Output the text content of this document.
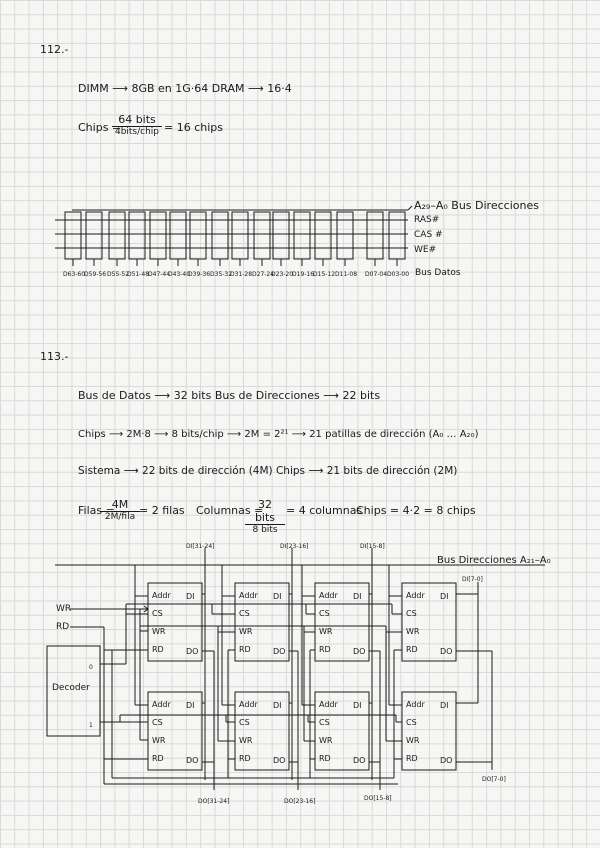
112.-
DIMM ⟶ 8GB en 1G·64 DRAM ⟶ 16·4
Chips =
64 bits
4bits/chip = 16 chips
A₂₉–A₀ Bus Direcciones
RAS#
CAS #
WE#
D63-60
D59-56 D55-52
D51-48
D47-44
D43-40
D39-36 D35-32
D31-28 D27-24
D23-20
D19-16
D15-12 D11-08 D07-04 D03-00 Bus Datos
113.-
Bus de Datos ⟶ 32 bits Bus de Direcciones ⟶ 22 bits
Chips ⟶ 2M·8 ⟶ 8 bits/chip ⟶ 2M = 2²¹ ⟶ 21 patillas de dirección (A₀ … A₂₀)
Sistema ⟶ 22 bits de dirección (4M) Chips ⟶ 21 bits de dirección (2M)
Filas =
4M
2M/fila = 2 filas Columnas =
32 bits
8 bits
= 4 columnas
Chips = 4·2 = 8 chips
Bus Direcciones A₂₁–A₀
DI[31-24]	DI[23-16]	DI[15-8]
DI[7-0]
WR
RD
Decoder
0
1
Addr
CS
WR
RD
DI
DO
Addr
CS
WR
RD
DI
DO
Addr
CS
WR
RD
DI
DO
Addr
CS
WR
RD
DI
DO
Addr
CS
WR
RD
DI
DO
Addr
CS
WR
RD
DI
DO
Addr
CS
WR
RD
DI
DO
Addr
CS
WR
RD
DI
DO
DO[31-24]	DO[23-16]	DO[15-8]
DO[7-0]
